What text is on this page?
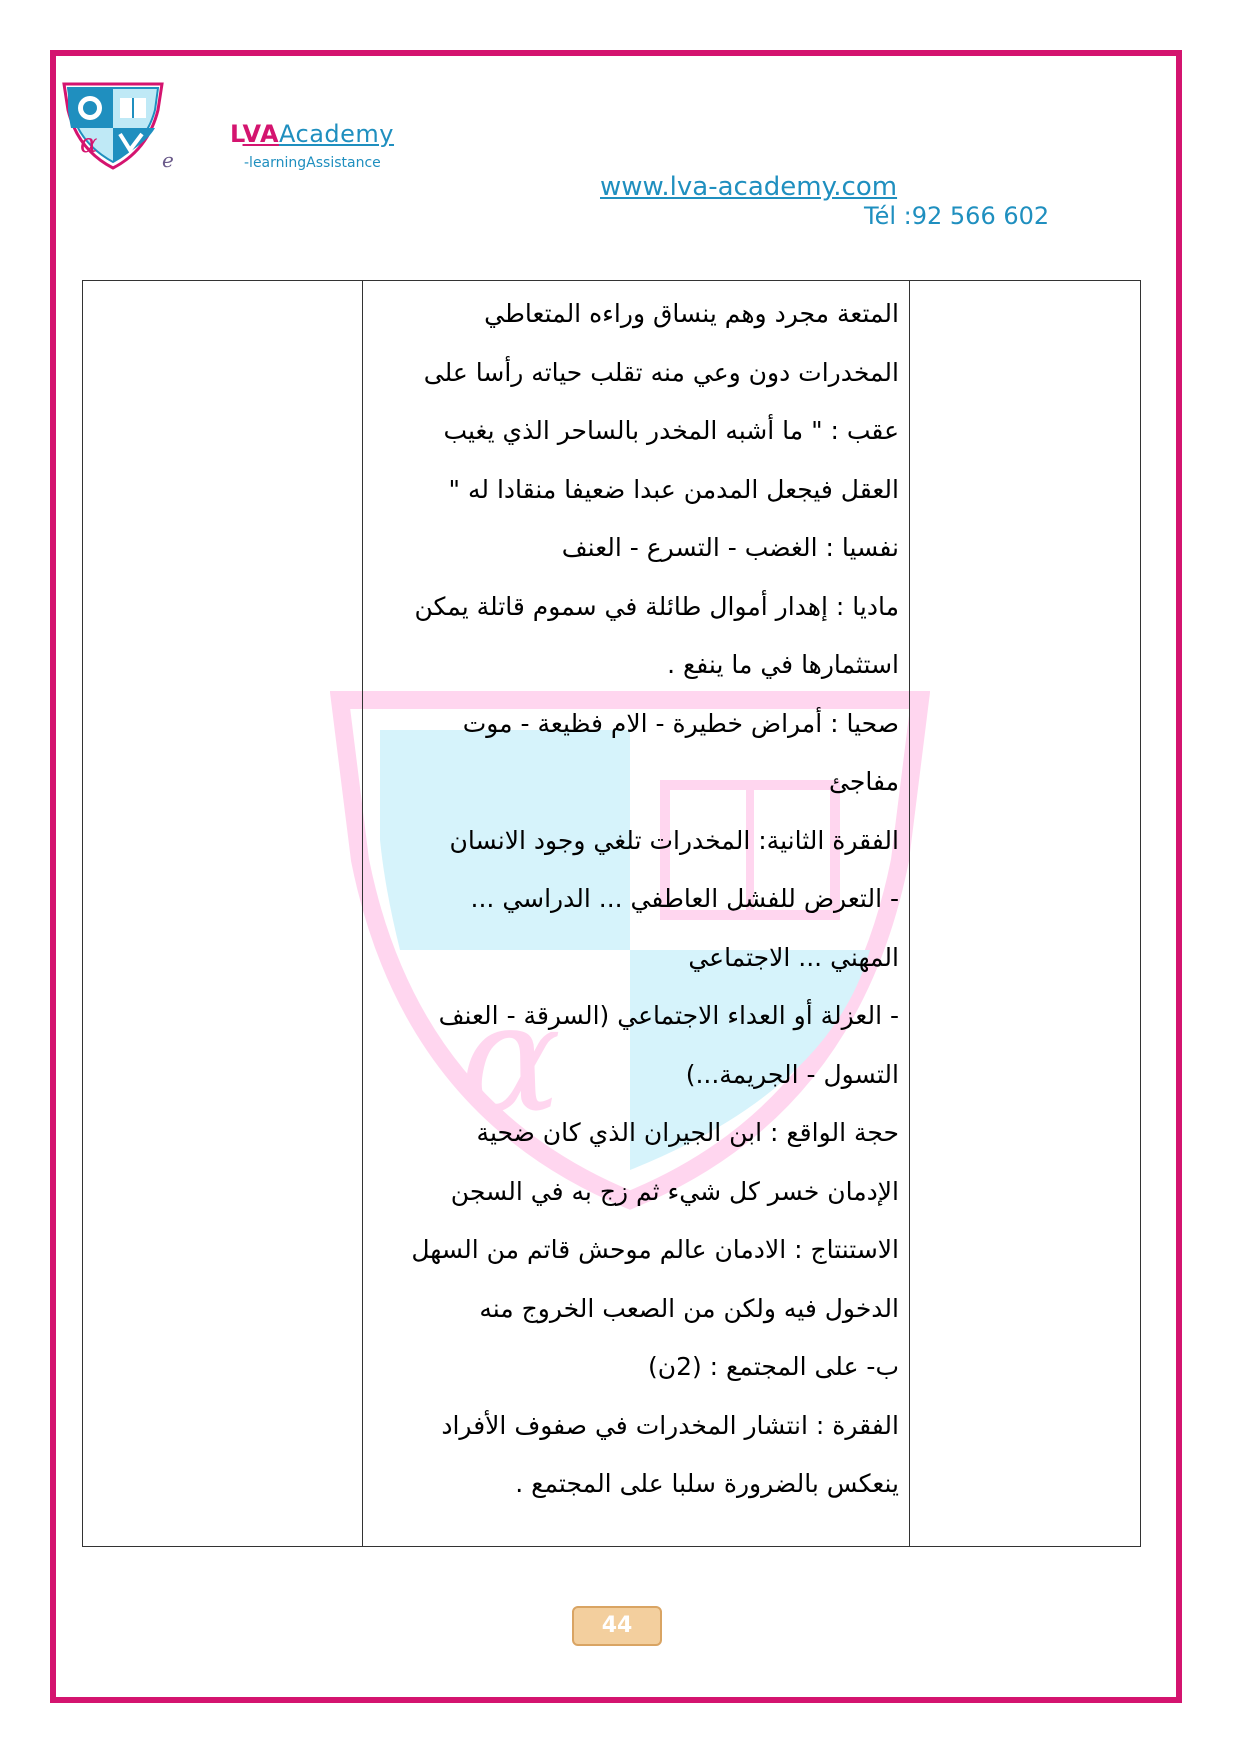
α
e
LVAAcademy
-learningAssistance
www.lva-academy.com
Tél :92 566 602
α

المتعة مجرد وهم ينساق وراءه المتعاطي
المخدرات دون وعي منه تقلب حياته رأسا على
عقب : " ما أشبه المخدر بالساحر الذي يغيب
العقل فيجعل المدمن عبدا ضعيفا منقادا له "
نفسيا : الغضب - التسرع - العنف
ماديا : إهدار أموال طائلة في سموم قاتلة يمكن
استثمارها في ما ينفع .
صحيا : أمراض خطيرة - الام فظيعة - موت
مفاجئ
الفقرة الثانية: المخدرات تلغي وجود الانسان
- التعرض للفشل العاطفي ... الدراسي ...
المهني ... الاجتماعي
- العزلة أو العداء الاجتماعي (السرقة - العنف
التسول - الجريمة...)
حجة الواقع : ابن الجيران الذي كان ضحية
الإدمان خسر كل شيء ثم زج به في السجن
الاستنتاج : الادمان عالم موحش قاتم من السهل
الدخول فيه ولكن من الصعب الخروج منه
ب- على المجتمع : (2ن)
الفقرة : انتشار المخدرات في صفوف الأفراد
ينعكس بالضرورة سلبا على المجتمع .

44
